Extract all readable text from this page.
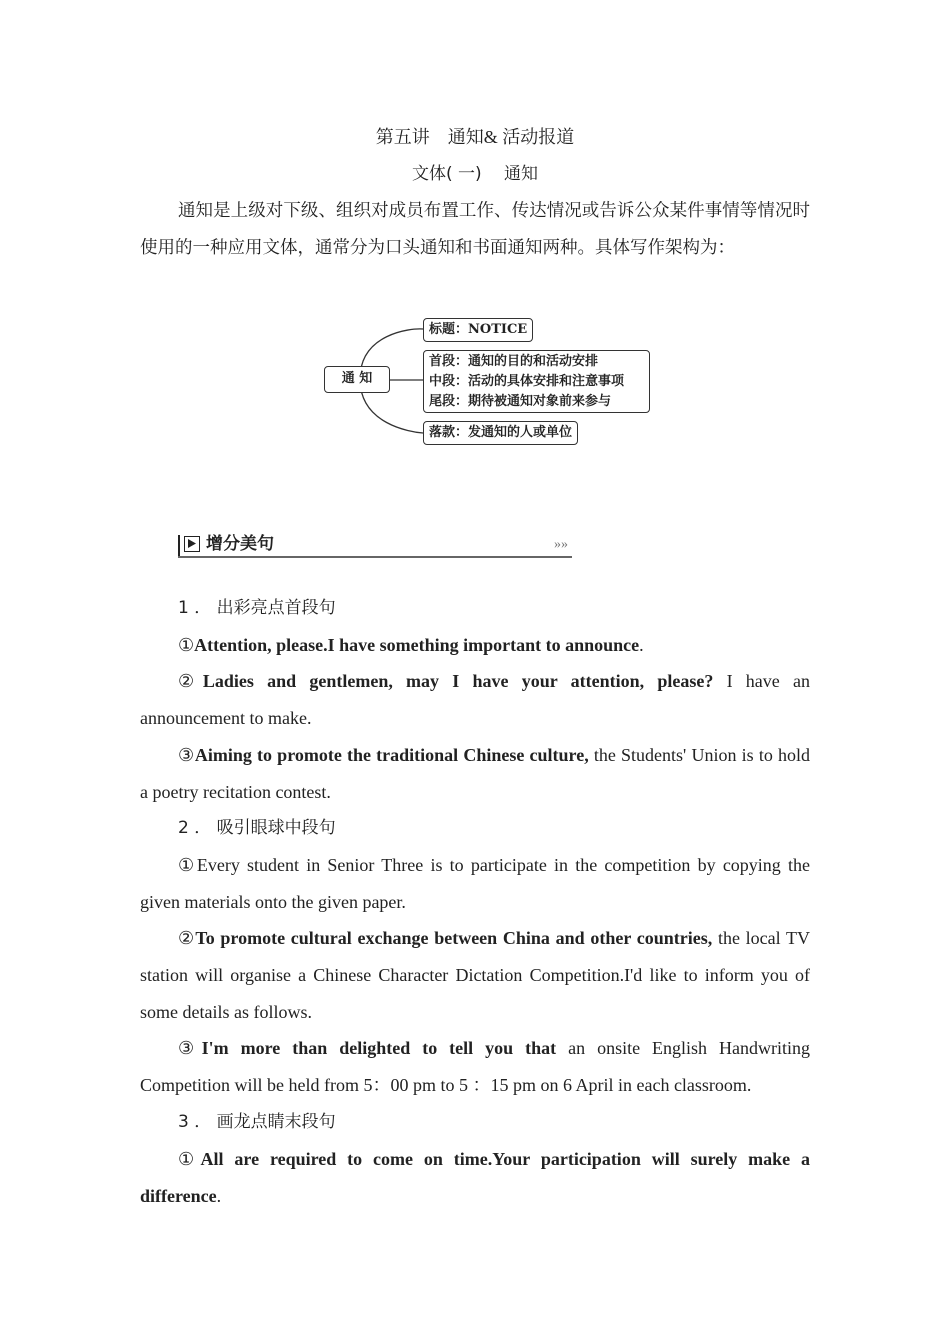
第五讲　通知& 活动报道
文体( 一)　 通知
通知是上级对下级、组织对成员布置工作、传达情况或告诉公众某件事情等情况时使用的一种应用文体，通常分为口头通知和书面通知两种。具体写作架构为：
通 知
标题：NOTICE
首段：通知的目的和活动安排
中段：活动的具体安排和注意事项
尾段：期待被通知对象前来参与
落款：发通知的人或单位
增分美句	»»
1 ． 出彩亮点首段句
①Attention, please.I have something important to announce.
②Ladies and gentlemen, may I have your attention, please? I have an announcement to make.
③Aiming to promote the traditional Chinese culture, the Students' Union is to hold a poetry recitation contest.
2 ． 吸引眼球中段句
①Every student in Senior Three is to participate in the competition by copying the given materials onto the given paper.
②To promote cultural exchange between China and other countries, the local TV station will organise a Chinese Character Dictation Competition.I'd like to inform you of some details as follows.
③I'm more than delighted to tell you that an onsite English Handwriting Competition will be held from 5：00 pm to 5 ：15 pm on 6 April in each classroom.
3 ． 画龙点睛末段句
①All are required to come on time.Your participation will surely make a difference.
